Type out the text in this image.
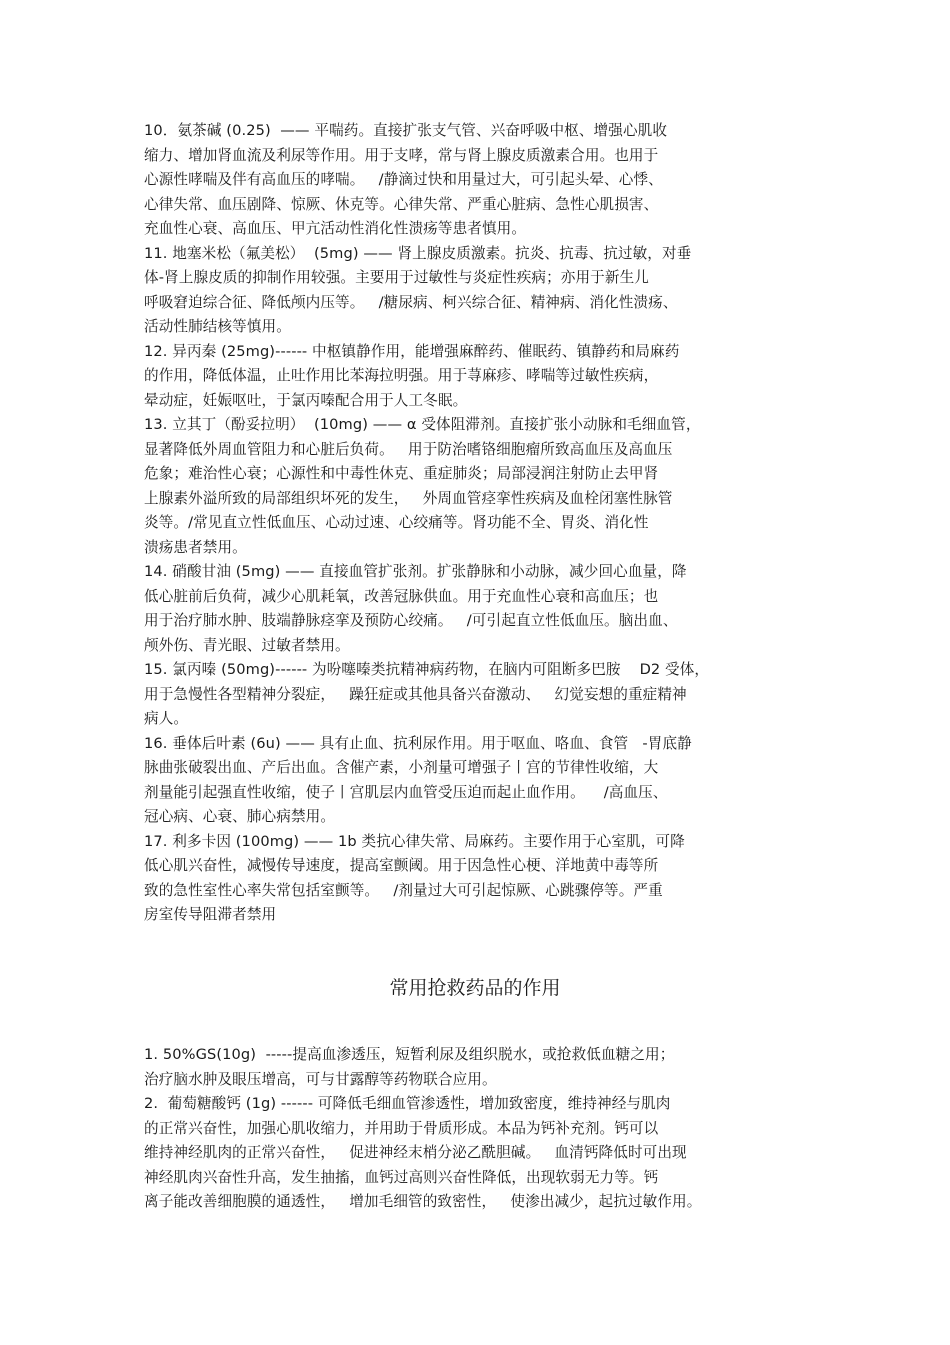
10．氨茶碱 (0.25)  —— 平喘药。直接扩张支气管、兴奋呼吸中枢、增强心肌收
缩力、增加肾血流及利尿等作用。用于支哮，常与肾上腺皮质激素合用。也用于
心源性哮喘及伴有高血压的哮喘。   /静滴过快和用量过大，可引起头晕、心悸、
心律失常、血压剧降、惊厥、休克等。心律失常、严重心脏病、急性心肌损害、
充血性心衰、高血压、甲亢活动性消化性溃疡等患者慎用。
11. 地塞米松（氟美松）  (5mg) —— 肾上腺皮质激素。抗炎、抗毒、抗过敏，对垂
体-肾上腺皮质的抑制作用较强。主要用于过敏性与炎症性疾病；亦用于新生儿
呼吸窘迫综合征、降低颅内压等。   /糖尿病、柯兴综合征、精神病、消化性溃疡、
活动性肺结核等慎用。
12. 异丙秦 (25mg)------ 中枢镇静作用，能增强麻醉药、催眠药、镇静药和局麻药
的作用，降低体温，止吐作用比苯海拉明强。用于荨麻疹、哮喘等过敏性疾病，
晕动症，妊娠呕吐，于氯丙嗪配合用于人工冬眠。
13. 立其丁（酚妥拉明）  (10mg) —— α 受体阻滞剂。直接扩张小动脉和毛细血管，
显著降低外周血管阻力和心脏后负荷。   用于防治嗜铬细胞瘤所致高血压及高血压
危象；难治性心衰；心源性和中毒性休克、重症肺炎；局部浸润注射防止去甲肾
上腺素外溢所致的局部组织坏死的发生，   外周血管痉挛性疾病及血栓闭塞性脉管
炎等。/常见直立性低血压、心动过速、心绞痛等。肾功能不全、胃炎、消化性
溃疡患者禁用。
14. 硝酸甘油 (5mg) —— 直接血管扩张剂。扩张静脉和小动脉，减少回心血量，降
低心脏前后负荷，减少心肌耗氧，改善冠脉供血。用于充血性心衰和高血压；也
用于治疗肺水肿、肢端静脉痉挛及预防心绞痛。   /可引起直立性低血压。脑出血、
颅外伤、青光眼、过敏者禁用。
15. 氯丙嗪 (50mg)------ 为吩噻嗪类抗精神病药物，在脑内可阻断多巴胺    D2 受体，
用于急慢性各型精神分裂症，   躁狂症或其他具备兴奋激动、   幻觉妄想的重症精神
病人。
16. 垂体后叶素 (6u) —— 具有止血、抗利尿作用。用于呕血、咯血、食管   -胃底静
脉曲张破裂出血、产后出血。含催产素，小剂量可增强子丨宫的节律性收缩，大
剂量能引起强直性收缩，使子丨宫肌层内血管受压迫而起止血作用。    /高血压、
冠心病、心衰、肺心病禁用。
17. 利多卡因 (100mg) —— 1b 类抗心律失常、局麻药。主要作用于心室肌，可降
低心肌兴奋性，减慢传导速度，提高室颤阈。用于因急性心梗、洋地黄中毒等所
致的急性室性心率失常包括室颤等。   /剂量过大可引起惊厥、心跳骤停等。严重
房室传导阻滞者禁用
常用抢救药品的作用
1. 50%GS(10g)  -----提高血渗透压，短暂利尿及组织脱水，或抢救低血糖之用；
治疗脑水肿及眼压增高，可与甘露醇等药物联合应用。
2.  葡萄糖酸钙 (1g) ------ 可降低毛细血管渗透性，增加致密度，维持神经与肌肉
的正常兴奋性，加强心肌收缩力，并用助于骨质形成。本品为钙补充剂。钙可以
维持神经肌肉的正常兴奋性，   促进神经末梢分泌乙酰胆碱。   血清钙降低时可出现
神经肌肉兴奋性升高，发生抽搐，血钙过高则兴奋性降低，出现软弱无力等。钙
离子能改善细胞膜的通透性，   增加毛细管的致密性，   使渗出减少，起抗过敏作用。
